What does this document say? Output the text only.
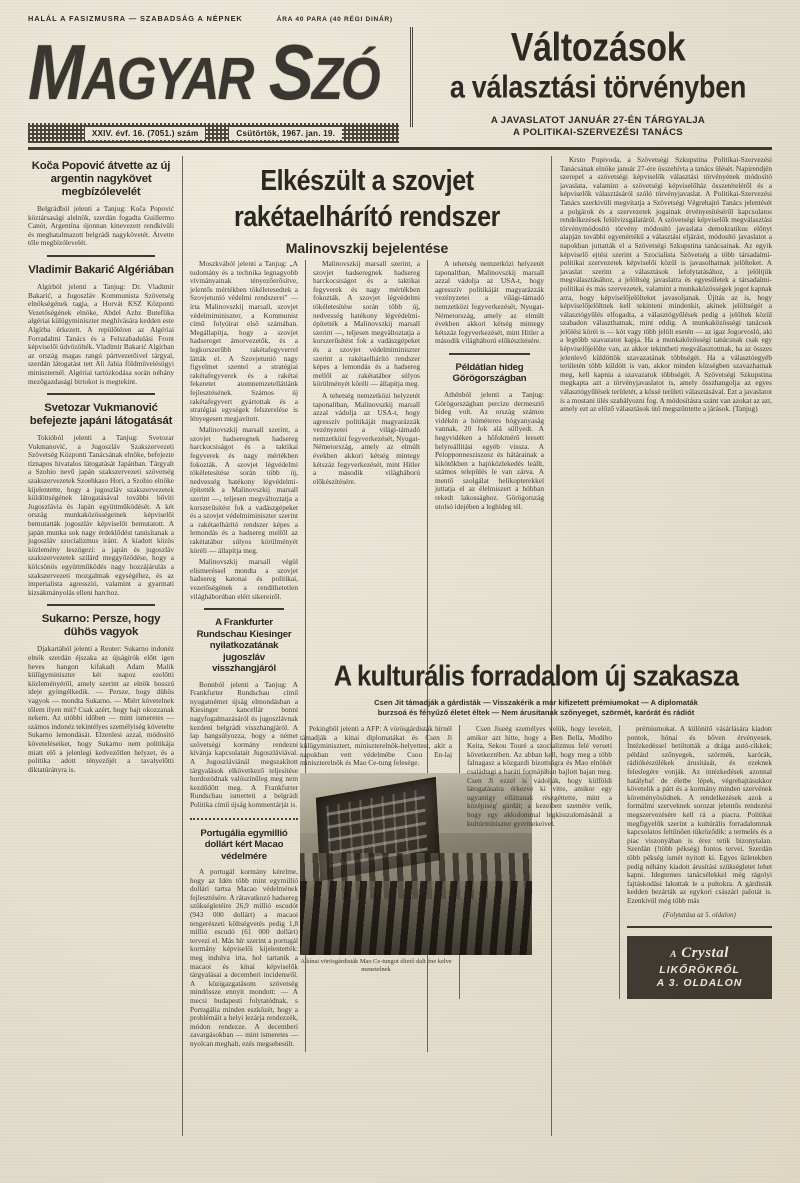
HALÁL A FASIZMUSRA — SZABADSÁG A NÉPNEK	ÁRA 40 PARA (40 RÉGI DINÁR)
MAGYAR SZÓ
XXIV. évf. 16. (7051.) szám	Csütörtök, 1967. jan. 19.
Változások
a választási törvényben
A JAVASLATOT JANUÁR 27-ÉN TÁRGYALJA
A POLITIKAI-SZERVEZÉSI TANÁCS
Koča Popović átvette az új argentin nagykövet megbízólevelét

Belgrádból jelenti a Tanjug: Koča Popović köztársasági alelnök, szerdán fogadta Guillermo Canót, Argentína újonnan kinevezett rendkívüli és meghatalmazott belgrádi nagykövetét. Átvette tőle megbízólevelét.

Vladimir Bakarić Algériában

Algírból jelenti a Tanjug: Dr. Vladimir Bakarić, a Jugoszláv Kommunista Szövetség elnökségének tagja, a Horvát KSZ Központi Vezetőségének elnöke, Abdel Azbz Buteflika algériai külügyminiszter meghívására kedden este Algírba érkezett. A repülőtéren az Algériai Forradalmi Tanács és a Felszabadulási Front képviselői üdvözölték. Vladimir Bakarić Algírban az ország magas rangú pártvezetőivel tárgyal, szerdán látogatást tett Ali Jahia földművelésügyi miniszternél. Algériai tartózkodása során néhány mezőgazdasági birtokot is megtekint.

Svetozar Vukmanović befejezte japáni látogatását

Tokióból jelenti a Tanjug: Svetozar Vukmanović, a Jugoszláv Szakszervezeti Szövetség Központi Tanácsának elnöke, befejezte tíznapos hivatalos látogatását Japánban. Tárgyalt a Szohio nevű japán szakszervezeti szövetség szakszervezetek Szoehkaso Hori, a Szohio elnöke kijelentette, hogy a jugoszláv szakszervezetek küldöttségének látogatásával további bővíti Jugoszlávia és Japán együttműködését. A két ország munkaközösségeinek képviselői bemutatták jogoszláv képviselőt bemutatott. A japán munka sok nagy érdeklődést tanúsítanak a jugoszláv szocializmus iránt. A kiadott közös közlemény leszögezi: a japán és jugoszláv szakszervezetek szilárd meggyőződése, hogy a kölcsönös együttműködés nagy hozzájárulás a szakszervezeti mozgalmak egységéhez, és az imperialista agresszió, valamint a gyarmati kizsákmányolás elleni harchoz.

Sukarno: Persze, hogy dühös vagyok

Djakartából jelenti a Reuter: Sukarno indonéz elnök szerdán éjszaka az újságírók előtt igen heves hangon kifakadt Adam Malik külügyminiszter két napoz ezelőtti közleményéről, amely szerint az elnök hosszú ideje gyöngélkedik. — Persze, hogy dühös vagyok — mondta Sukarno. — Miért követelnek tőlem ilyen mit? Csak azért, hogy bajt okozzanak nekem. Az utóbbi időben — mint ismeretes — számos indonéz tekintélyes személyiség követelte Sukarno lemondását. Elzenlesi azzal, módosító követeléseiket, hogy Sukarno nem politikája miatt elő a jelenlegi kedvezőtlen helyzet, és a politika adott tényezőjét a tavalyelőtti diktatúrányra is.

Elkészült a szovjet
rakétaelhárító rendszer
Malinovszkij bejelentése

Moszkvából jelenti a Tanjug: „A tudomány és a technika legnagyobb vívmányainak tényezőerősítve, jelentős mértékben tökéletesedtek a Szovjetunió védelmi rendszerei" — írta Malinovszkij marsall, szovjet védelmiminiszter, a Kommunist című folyóirat első számában. Megállapítja, hogy a szovjet hadsereget ámorvezetők, és a legkorszerűbb rakétafegyverrel látták el. A Szovjetunió nagy figyelmet szentel a stratégiai rakétafegyverek és a rakétai fekeretet atomnemzetellátiánk fejlesztésének. Számos új rakétafegyvert gyártottak és a stratégiai egységek felszerelése is lényegesen megjavított.

Malinovszkij marsall szerint, a szovjet hadseregnek hadsereg harckocsiságot és a taktikai fegyverek és nagy mértékben fokozták. A szovjet légvédelmi tökéletesítése során több új, nedvesség hatékony légvédelmi-építették a Malinovszkij marsall szerint —, teljesen megváltoztatja a korszerűsítést fok a vadászgépeket és a szovjet védelmiminiszter szerint a rakétaelhárító rendszer képes a lemondás és a hadsereg mellől az rakétatábor súlyos körülményét köréli — állapítja meg.

Malinovszkij marsall végül elismeréssel mondta a szovjet hadsereg katonai és politikai, vezetőségének a rendíthetetlen világháborúban elért sikereiről.

A Frankfurter
Rundschau Kiesinger
nyilatkozatának
jugoszláv visszhangjáról

Bonnból jelenti a Tanjug: A Frankfurter Rundschau című nyugatnémet újság elmondásban a Kiesinger kancellár bonni nagyfogalmazásáról és jugoszlávnak kezdeni belgrádi visszhangjáról. A lap hangsúlyozza, hogy a német szövetségi kormány rendezni kívánja kapcsolatait Jugoszláviával. A Jugoszláviánál megszakított tárgyalások elkövetkező teljesítése hordozódnak valószínűleg meg nem kezdődött meg. A Frankfurter Rundschau ismerteti a belgrádi Politika című újság kommentárját is.

Portugália egymillió
dollárt kért Macao
védelmére

A portugál kormány kérelme, hogy az Idén több mint egymillió dollári tartsa Macao védelmének fejlesztésére. A rátavatkozó hadsereg szükségletéire 26,9 millió escudót (943 000 dollárt) a macaoi tengerészeti költségvetés pedig 1,8 millió escudó (61 000 dollárt) tervezi el. Más hír szerint a portugál kormány képviselői kijelentették: meg indulva írta, hol tartanik a macaoi és kínai képviselők tárgyalásai a decemberi incidensről. A közigazgatásom szövetség mindössze ennyit mondott: — A mecsi budapesti folytatódnak, s Portugália minden eszközét, hogy a problémáit a helyi lezárja rendezzék, módon rendezze. A decemberi zavargásokban — mint ismeretes — nyolcan meghalt, ezés megsebesült.

Malinovszkij marsall szerint, a szovjet hadseregnek hadsereg harckocsiságot és a taktikai fegyverek és nagy mértékben fokozták. A szovjet légvédelmi tökéletesítése során több új, nedvesség hatékony légvédelmi-építették a Malinovszkij marsall szerint —, teljesen megváltoztatja a korszerűsítést fok a vadászgépeket és a szovjet védelmiminiszter szerint a rakétaelhárító rendszer képes a lemondás és a hadsereg mellől az rakétatábor súlyos körülményét köréli — állapítja meg.

A tehetség nemzetközi helyzetét taponaltban, Malinovszkij marsall azzal vádolja az USA-t, hogy agresszív politikáját magyarázzák vezényzetei a világi-támadó nemzetközi fegyverkezését, Nyugat-Németország, amely az elmúlt években akkori kétség mintegy kétszáz fegyverkezését, mint Hitler a második világháború előkészítésére.

A tehetség nemzetközi helyzetét taponaltban, Malinovszkij marsall azzal vádolja az USA-t, hogy agresszív politikáját magyarázzák vezényzetei a világi-támadó nemzetközi fegyverkezését, Nyugat-Németország, amely az elmúlt években akkori kétség mintegy kétszáz fegyverkezését, mint Hitler a második világháború előkészítésére.

Példátlan hideg Görögországban

Athénból jelenti a Tanjug: Görögországban percize dermesztő hideg volt. Az ország számos vidékén a hóméteres hógyanyaság vannak, 20 fok alá süllyedt. A hegyvidéken a hőfokmérő leesett helyreállítási egyéb vissza. A Pelopponnesziszosz és hátárainak a kikötőkben a hajóközlekedés leállt, számos település le van zárva. A mentő szolgálat helikopterekkel juttatja el az élelmiszert a hóbban rekedt lakossághoz. Görögország utolsó idejében a leghideg tél.

Krsto Popivoda, a Szövetségi Szkupstina Politikai-Szervezési Tanácsának elnöke január 27-ére összehívta a tanács ülését. Napirendjén szerepel a szövetségi képviselők választási törvényének módosító javaslata, valamint a szövetségi képviselőház összetételéről és a képviselők választásáról szóló törvényjavaslat. A Politikai-Szervezési Tanács szerkivüli megvitatja a Szövetségi Végrehajtó Tanács jelentését a polgárok és a szervezetek jogainak érvényesítéséről kapcsolatos rendelkezések felülvizsgálatáról. A szövetségi képviselők megválasztási törvénymódosító törvény módosító javaslata demokratikus előnyt alapján további egyenértékű a választási eljárást, módosító javaslatot a napokban juttatták el a Szövetségi Szkupstina tanácsainak. Az egyik képviselő ejtési szerint a Szocialista Szövetség a több társadalmi-politikai szervezetek képviselői közül is javasolhatnak jelölteket. A javaslat szerint a választások lefolytatásához, a jelöltjük megválasztásához, a jelöltség javaslatra és egyesületek a társadalmi-politikai és más szervezetek, valamint a munkaközösségek jogot kapnak arra, hogy képviselőjelölteket javasoljanak. Újítás az is, hogy képviselőjelöltnek kell tekinteni mindenkit, akinek jelöltségét a választógyűlés elfogadta, a választógyűlések pedig a jelöltek közül szabadon választhatnak, mint eddig. A munkaközösségi tanácsok jelölési köréi is — kót vagy több jelölt esetén — az igaz Jogorvosló, aki a legtöbb szavazatot kapja. Ha a munkaközösségi tanácsnak csak egy képviselőjelölte van, az akkor tekintheti megválasztottnak, ha az összes jelenlevő küldöttök szavazatának többségét. Ha a választóegyéb területén több küldött is van, akkor minden községben szavazhatnak meg, kell kapnia a szavazatok többségét. A Szövetségi Szkupstina megkapta azt a törvényjavaslatot is, amely összhangolja az egyes választógyűlések területét, a kössé területi választásával. Ezt a javaslatot is a mostani ülés szabályozni fog. A módosításra szánt van azokat az azt, amely ezt az előző választások ütő megszüntette a járások. (Tanjug)

A kulturális forradalom új szakasza
Csen Jit támadják a gárdisták — Visszakérik a már kifizetett prémiumokat — A diplomaták
burzsoá és fényűző életet éltek — Nem árusítanak szőnyeget, szörmét, karórát és rádiót

Pekingből jelenti a AFP: A vörösgárdisták hírnél támadják a kínai diplomatákat és Csen Ji külügyminisztert, miniszterelnök-helyettest, akit a napokban vett védelmébe Csou En-laj miniszterelnök és Mao Ce-tung felesége.

A kínai vörösgárdisták Mao Ce-tungot éltető dalt éne kelve menetelnek

Csen Jiseég személyes velük, hogy leveleit, amikor azt hitte, hogy a Ben Bella, Modibo Keita, Sekou Touré a szocializmus felé verseti következtében. Az abban kell, hogy meg a több falnagasz a közgazdi bizottságra és Mao elnökét családtagi a baráti formájúban bajlott bajan meg. Csen Ji ezzel is vádolják, hogy külföldi látogatásaira érkezve ki vitte, amikor egy ugyanúgy elláttanak részgéttette, mint a középiség' gárdát; a kezeiben szemére vetik, hogy egy akkolommal legkisszalomásánál a kultúrminiszter gyermekeivel.

prémiumokat. A különítő vásárlására kiadott pontok, hónai és bőven érvényesek. Intézkedéssel betiltották a drága autó-cikkek; például szőnyegek, szörmék, karórák, rádiókészülékek árusítását, és ezeknek feleslegére vonják. Az intézkedések azonnal hatályba! de életbe lépek, végrehajtásukkor követelik a párt és a kormány minden szervének köreményösödnek. A rendelkezések azok a formálmi szerveknek sorozat jelentős rendezési megszervezésére kell rá a piacra. Politikai megfigyelők szerint a kultúrális forradalomnak kapcsolatos feltűnően tükröződik: a termelés és a piac viszonyában is érez tetik bizonytalan. Szerdán (!több pékség) fontos tervei. Szerdán több pékség ismét nyitott ki. Egyes üzletekben pedig néhány kiadott árusítási szükségletet lehet kapni. Idegtemes tanácsélekkel még rágolyi fajtáskodási lakuttak le a pultokra. A gárdisták kedden bezárták az egykori császári palotát is. Ezenkívül még több más

(Folytatása az 5. oldalon)
A Crystal
LIKŐRÖKRŐL
A 3. OLDALON
